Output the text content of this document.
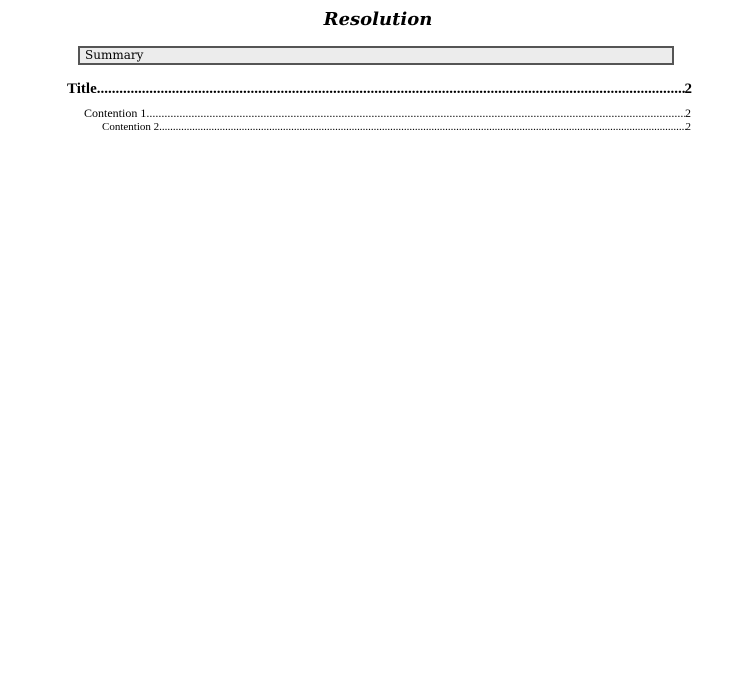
Resolution
Summary
Title .....	2
Contention 1 .....	2
Contention 2 .....	2
